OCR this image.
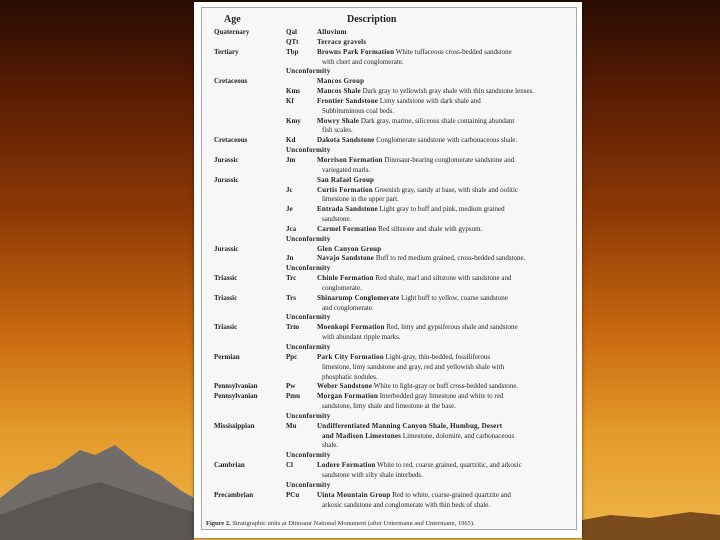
Age	Description
Quaternary	Qal	Alluvium
QTt	Terrace gravels
Tertiary	Tbp	Browns Park Formation White tuffaceous cross-bedded sandstone
with chert and conglomerate.
Unconformity
Cretaceous	Mancos Group
Kms Mancos Shale Dark gray to yellowish gray shale with thin sandstone lenses.
Kf	Frontier Sandstone Limy sandstone with dark shale and
Subbituminous coal beds.
Kmy Mowry Shale Dark gray, marine, siliceous shale containing abundant
fish scales.
Cretaceous	Kd	Dakota Sandstone Conglomerate sandstone with carbonaceous shale.
Unconformity
Jurassic	Jm	Morrison Formation Dinosaur-bearing conglomerate sandstone and
variegated marls.
Jurassic	San Rafael Group
Jc	Curtis Formation Greenish gray, sandy at base, with shale and oolitic
limestone in the upper part.
Je	Entrada Sandstone Light gray to buff and pink, medium grained
sandstone.
Jca	Carmel Formation Red siltstone and shale with gypsum.
Unconformity
Jurassic	Glen Canyon Group
Jn	Navajo Sandstone Buff to red medium grained, cross-bedded sandstone.
Unconformity
Triassic	Trc	Chinle Formation Red shale, marl and siltstone with sandstone and
conglomerate.
Triassic	Trs	Shinarump Conglomerate Light buff to yellow, coarse sandstone
and conglomerate.
Unconformity
Triassic	Trm	Moenkopi Formation Red, limy and gypsiferous shale and sandstone
with abundant ripple marks.
Unconformity
Permian	Ppc	Park City Formation Light-gray, thin-bedded, fossiliferous
limestone, limy sandstone and gray, red and yellowish shale with
phosphatic nodules.
Pennsylvanian	Pw	Weber Sandstone White to light-gray or buff cross-bedded sandstone.
Pennsylvanian	Pmu Morgan Formation Interbedded gray limestone and white to red
sandstone, limy shale and limestone at the base.
Unconformity
Mississippian	Mu	Undifferentiated Manning Canyon Shale, Humbug, Desert
and Madison Limestones Limestone, dolomite, and carbonaceous
shale.
Unconformity
Cambrian	Cl	Lodore Formation White to red, coarse grained, quartzitic, and arkosic
sandstone with silty shale interbeds.
Unconformity
Precambrian	PCu	Uinta Mountain Group Red to white, coarse-grained quartzite and
arkosic sandstone and conglomerate with thin beds of shale.
Figure 2. Stratigraphic units at Dinosaur National Monument (after Untermann and Untermann, 1965).
